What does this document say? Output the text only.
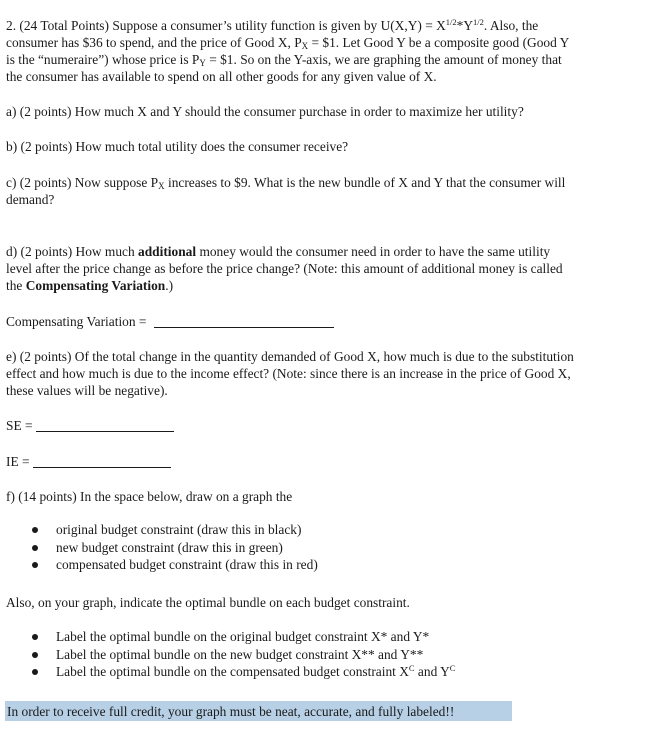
2. (24 Total Points) Suppose a consumer’s utility function is given by $U(X,Y) = X^{1/2}*Y^{1/2}$. Also, the
consumer has $36 to spend, and the price of Good X, $P_X$ = $1. Let Good Y be a composite good (Good Y
is the “numeraire”) whose price is $P_Y$ = $1. So on the Y-axis, we are graphing the amount of money that
the consumer has available to spend on all other goods for any given value of X.

a) (2 points) How much X and Y should the consumer purchase in order to maximize her utility?

b) (2 points) How much total utility does the consumer receive?

c) (2 points) Now suppose $P_X$ increases to $9. What is the new bundle of X and Y that the consumer will
demand?

d) (2 points) How much additional money would the consumer need in order to have the same utility
level after the price change as before the price change? (Note: this amount of additional money is called
the Compensating Variation.)

Compensating Variation =

e) (2 points) Of the total change in the quantity demanded of Good X, how much is due to the substitution
effect and how much is due to the income effect? (Note: since there is an increase in the price of Good X,
these values will be negative).

SE =

IE =

f) (14 points) In the space below, draw on a graph the

original budget constraint (draw this in black)
new budget constraint (draw this in green)
compensated budget constraint (draw this in red)

Also, on your graph, indicate the optimal bundle on each budget constraint.

Label the optimal bundle on the original budget constraint X* and Y*
Label the optimal bundle on the new budget constraint X** and Y**
Label the optimal bundle on the compensated budget constraint $X^C$ and $Y^C$
In order to receive full credit, your graph must be neat, accurate, and fully labeled!!
